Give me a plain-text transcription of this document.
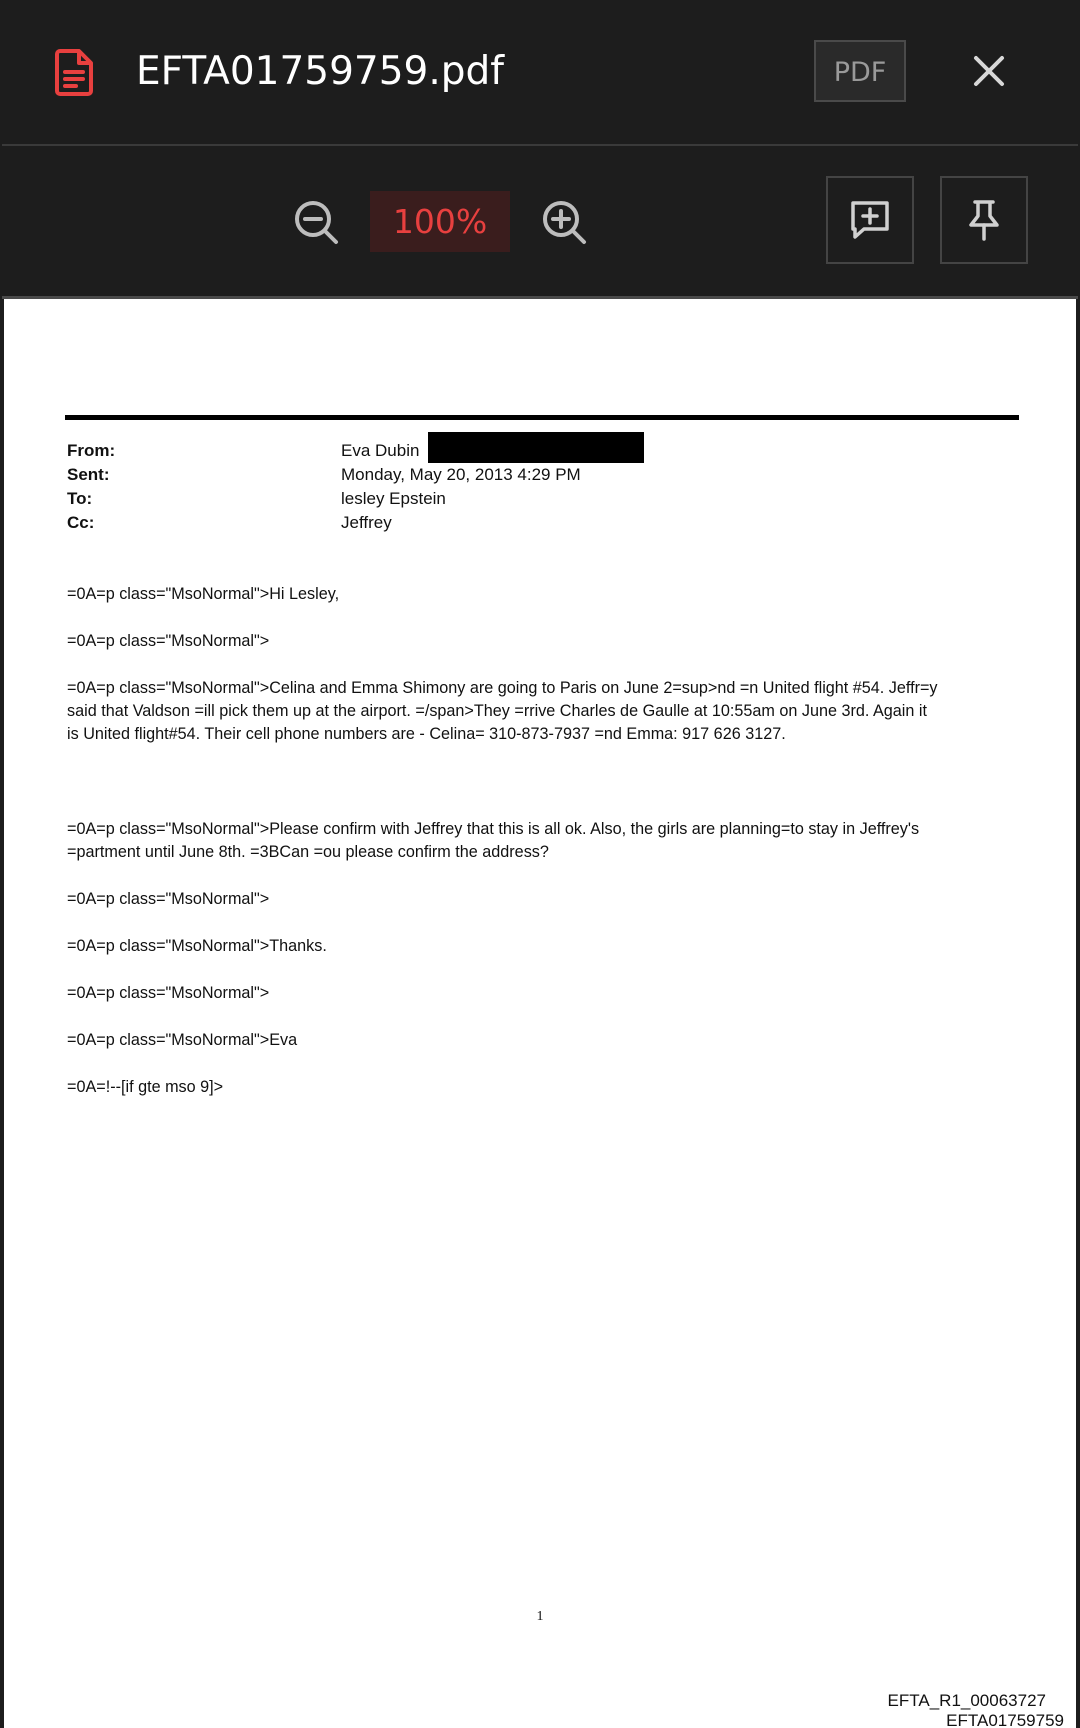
EFTA01759759.pdf	PDF
100%
From:	Eva Dubin
Sent:	Monday, May 20, 2013 4:29 PM
To:	lesley Epstein
Cc:	Jeffrey
=0A=p class="MsoNormal">Hi Lesley,
=0A=p class="MsoNormal">
=0A=p class="MsoNormal">Celina and Emma Shimony are going to Paris on June 2=sup>nd =n United flight #54. Jeffr=y
said that Valdson =ill pick them up at the airport. =/span>They =rrive Charles de Gaulle at 10:55am on June 3rd. Again it
is United flight#54. Their cell phone numbers are - Celina= 310-873-7937 =nd Emma: 917 626 3127.
=0A=p class="MsoNormal">Please confirm with Jeffrey that this is all ok. Also, the girls are planning=to stay in Jeffrey's
=partment until June 8th. =3BCan =ou please confirm the address?
=0A=p class="MsoNormal">
=0A=p class="MsoNormal">Thanks.
=0A=p class="MsoNormal">
=0A=p class="MsoNormal">Eva
=0A=!--[if gte mso 9]>
1
EFTA_R1_00063727
EFTA01759759
